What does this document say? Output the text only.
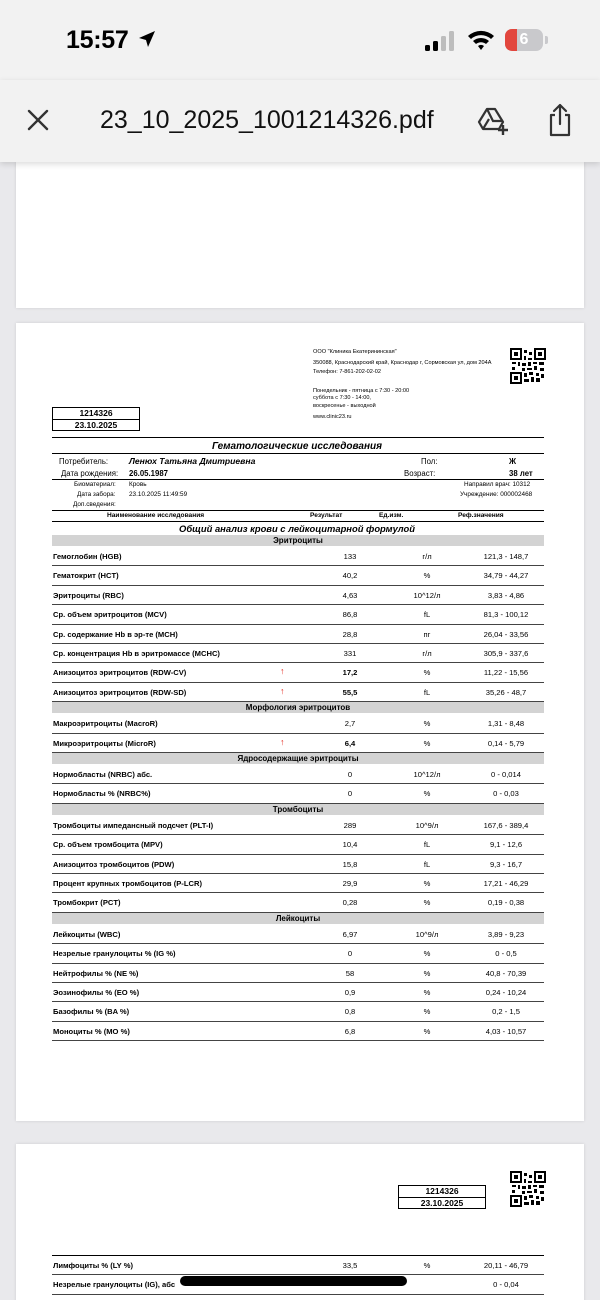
15:57	6
23_10_2025_1001214326.pdf
ООО "Клиника Екатерининская"
350088, Краснодарский край, Краснодар г, Сормовская ул, дом 204А
Телефон: 7-861-202-02-02
Понедельник - пятница с 7:30 - 20:00
суббота с 7:30 - 14:00,
воскресенье - выходной
www.clinic23.ru
1214326
23.10.2025
Гематологические исследования
Потребитель: Ленюх Татьяна Дмитриевна	Пол:	Ж
Дата рождения: 26.05.1987	Возраст:	38 лет
Биоматериал: Кровь	Направил врач: 10312
Дата забора: 23.10.2025 11:49:59	Учреждение: 000002468
Доп.сведения:
Наименование исследования	Результат	Ед.изм.	Реф.значения
Общий анализ крови с лейкоцитарной формулой
Эритроциты
Гемоглобин (HGB)	133	г/л	121,3 - 148,7
Гематокрит (HCT)	40,2	%	34,79 - 44,27
Эритроциты (RBC)	4,63	10^12/л	3,83 - 4,86
Ср. объем эритроцитов (MCV)	86,8	fL	81,3 - 100,12
Ср. содержание Hb в эр-те (MCH)	28,8	пг	26,04 - 33,56
Ср. концентрация Hb в эритромассе (MCHC)	331	г/л	305,9 - 337,6
Анизоцитоз эритроцитов (RDW-CV)	↑	17,2	%	11,22 - 15,56
Анизоцитоз эритроцитов (RDW-SD)	↑	55,5	fL	35,26 - 48,7
Морфология эритроцитов
Макроэритроциты (MacroR)	2,7	%	1,31 - 8,48
Микроэритроциты (MicroR)	↑	6,4	%	0,14 - 5,79
Ядросодержащие эритроциты
Нормобласты (NRBC) абс.	0	10^12/л	0 - 0,014
Нормобласты % (NRBC%)	0	%	0 - 0,03
Тромбоциты
Тромбоциты импедансный подсчет (PLT-I)	289	10^9/л	167,6 - 389,4
Ср. объем тромбоцита (MPV)	10,4	fL	9,1 - 12,6
Анизоцитоз тромбоцитов (PDW)	15,8	fL	9,3 - 16,7
Процент крупных тромбоцитов (P-LCR)	29,9	%	17,21 - 46,29
Тромбокрит (PCT)	0,28	%	0,19 - 0,38
Лейкоциты
Лейкоциты (WBC)	6,97	10^9/л	3,89 - 9,23
Незрелые гранулоциты % (IG %)	0	%	0 - 0,5
Нейтрофилы % (NE %)	58	%	40,8 - 70,39
Эозинофилы % (EO %)	0,9	%	0,24 - 10,24
Базофилы % (BA %)	0,8	%	0,2 - 1,5
Моноциты % (MO %)	6,8	%	4,03 - 10,57
1214326
23.10.2025
Лимфоциты % (LY %)	33,5	%	20,11 - 46,79
Незрелые гранулоциты (IG), абс	0 - 0,04
